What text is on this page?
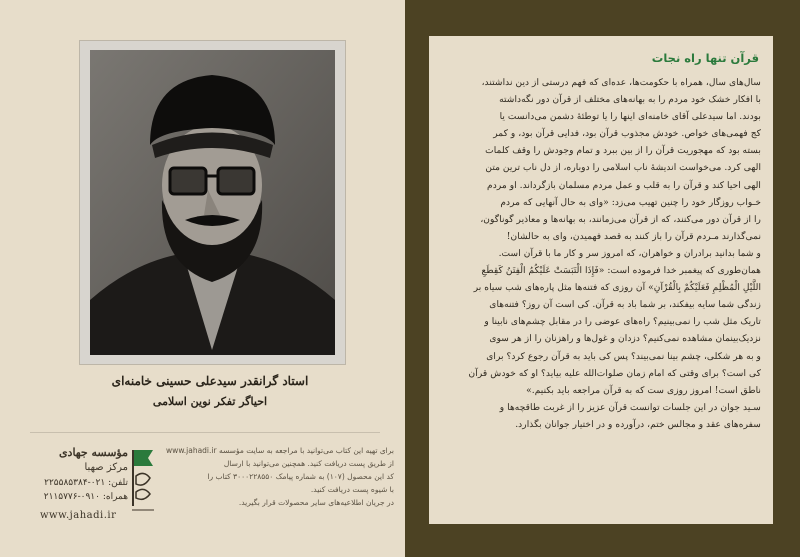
استاد گرانقدر سیدعلی حسینی خامنه‌ای
احیاگر تفکر نوین اسلامی
برای تهیه این کتاب می‌توانید با مراجعه به سایت مؤسسه www.jahadi.ir
از طریق پست دریافت کنید. همچنین می‌توانید با ارسال
کد این محصول (۱۰۷) به شماره پیامک ۳۰۰۰۲۲۸۵۵۰ کتاب را
با شیوه پست دریافت کنید.
در جریان اطلاعیه‌های سایر محصولات قرار بگیرید.
مؤسسه جهادی
مرکز صهبا
تلفن: ۰۲۱-۲۲۵۵۸۵۳۸۴
همراه: ۰۹۱۰-۲۱۱۵۷۷۶
www.jahadi.ir
قرآن تنها راه نجات
سال‌های سال، همراه با حکومت‌ها، عده‌ای که فهم درستی از دین نداشتند،
با افکار خشک خود مردم را به بهانه‌های مختلف از قرآن دور نگه‌داشته
بودند. اما سیدعلی آقای خامنه‌ای اینها را یا توطئهٔ دشمن می‌دانست یا
کج فهمی‌های خواص. خودش مجذوب قرآن بود، فدایی قرآن بود، و کمر
بسته بود که مهجوریت قرآن را از بین ببرد و تمام وجودش را وقف کلمات
الهی کرد. می‌خواست اندیشهٔ ناب اسلامی را دوباره، از دل ناب ترین متن
الهی احیا کند و قرآن را به قلب و عمل مردم مسلمان بازگرداند. او مردم
خـواب روزگار خود را چنین تهیب می‌زد: «وای به حال آنهایی که مردم
را از قرآن دور می‌کنند، که از قرآن می‌زمانند، به بهانه‌ها و معاذیر گوناگون،
نمی‌گذارند مـردم قرآن را باز کنند به قصد فهمیدن، وای به حالشان!
و شما بدانید برادران و خواهران، که امروز سر و کار ما با قرآن است.
همان‌طوری که پیغمبر خدا فرموده است: «فَإِذَا الْتَبَسَتْ عَلَيْكُمُ الْفِتَنُ كَقِطَعِ
اللَّيْلِ الْمُظْلِمِ فَعَلَيْكُمْ بِالْقُرْآنِ» آن روزی که فتنه‌ها مثل پاره‌های شب سیاه بر
زندگی شما سایه بیفکند، بر شما باد به قرآن. کی است آن روز؟ فتنه‌های
تاریک مثل شب را نمی‌بینیم؟ راه‌های عوضی را در مقابل چشم‌های نابینا و
نزدیک‌بینمان مشاهده نمی‌کنیم؟ دزدان و غول‌ها و راهزنان را از هر سوی
و به هر شکلی، چشم بینا نمی‌بیند؟ پس کی باید به قرآن رجوع کرد؟ برای
کی است؟ برای وقتی که امام زمان صلوات‌الله علیه بیاید؟ او که خودش قرآن
ناطق است! امروز روزی ست که به قرآن مراجعه باید بکنیم.»
سـید جوان در این جلسات توانست قرآن عزیز را از غربت طاقچه‌ها و
سفره‌های عقد و مجالس ختم، درآورده و در اختیار جوانان بگذارد.
